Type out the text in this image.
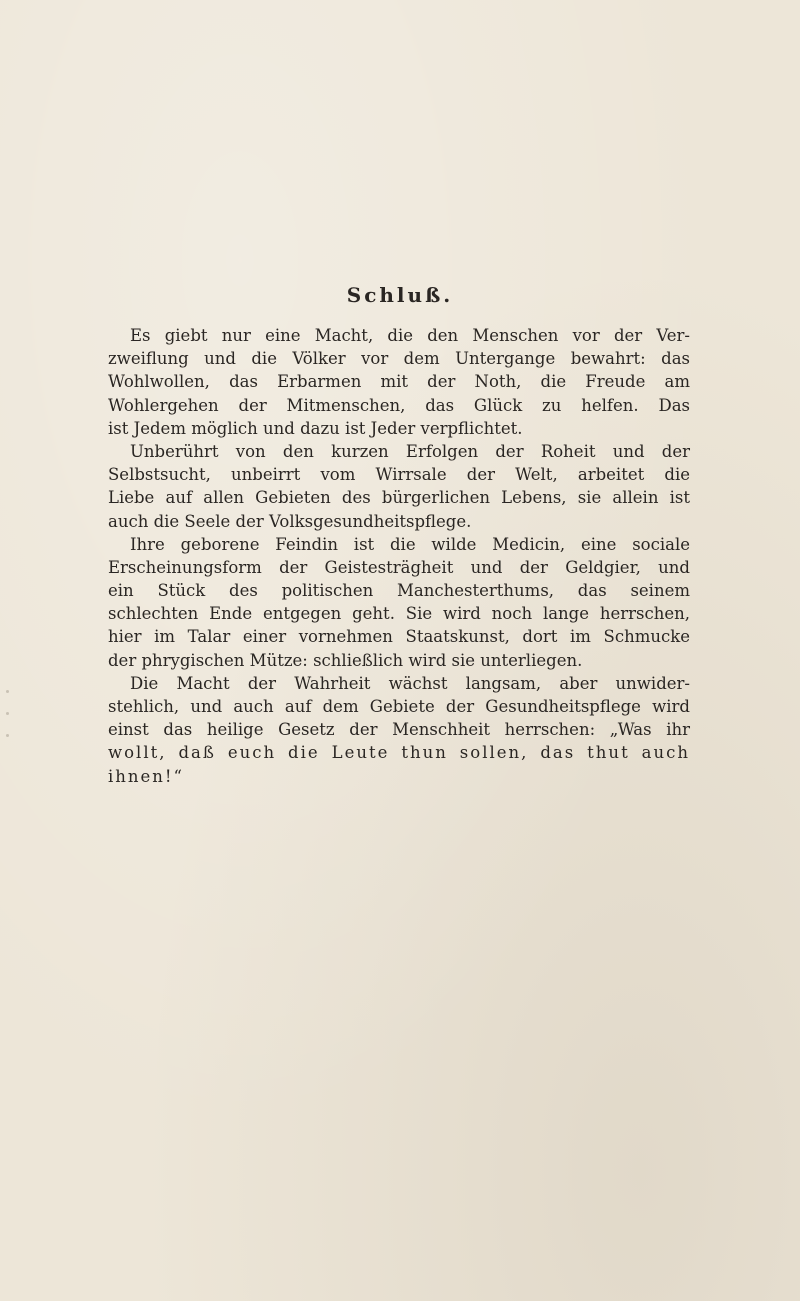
Schluß.
Es giebt nur eine Macht, die den Menschen vor der Ver-
zweiflung und die Völker vor dem Untergange bewahrt: das
Wohlwollen, das Erbarmen mit der Noth, die Freude am
Wohlergehen der Mitmenschen, das Glück zu helfen. Das
ist Jedem möglich und dazu ist Jeder verpflichtet.
Unberührt von den kurzen Erfolgen der Roheit und der
Selbstsucht, unbeirrt vom Wirrsale der Welt, arbeitet die
Liebe auf allen Gebieten des bürgerlichen Lebens, sie allein ist
auch die Seele der Volksgesundheitspflege.
Ihre geborene Feindin ist die wilde Medicin, eine sociale
Erscheinungsform der Geistesträgheit und der Geldgier, und
ein Stück des politischen Manchesterthums, das seinem
schlechten Ende entgegen geht. Sie wird noch lange herrschen,
hier im Talar einer vornehmen Staatskunst, dort im Schmucke
der phrygischen Mütze: schließlich wird sie unterliegen.
Die Macht der Wahrheit wächst langsam, aber unwider-
stehlich, und auch auf dem Gebiete der Gesundheitspflege wird
einst das heilige Gesetz der Menschheit herrschen: „Was ihr
wollt, daß euch die Leute thun sollen, das thut auch
ihnen!“
